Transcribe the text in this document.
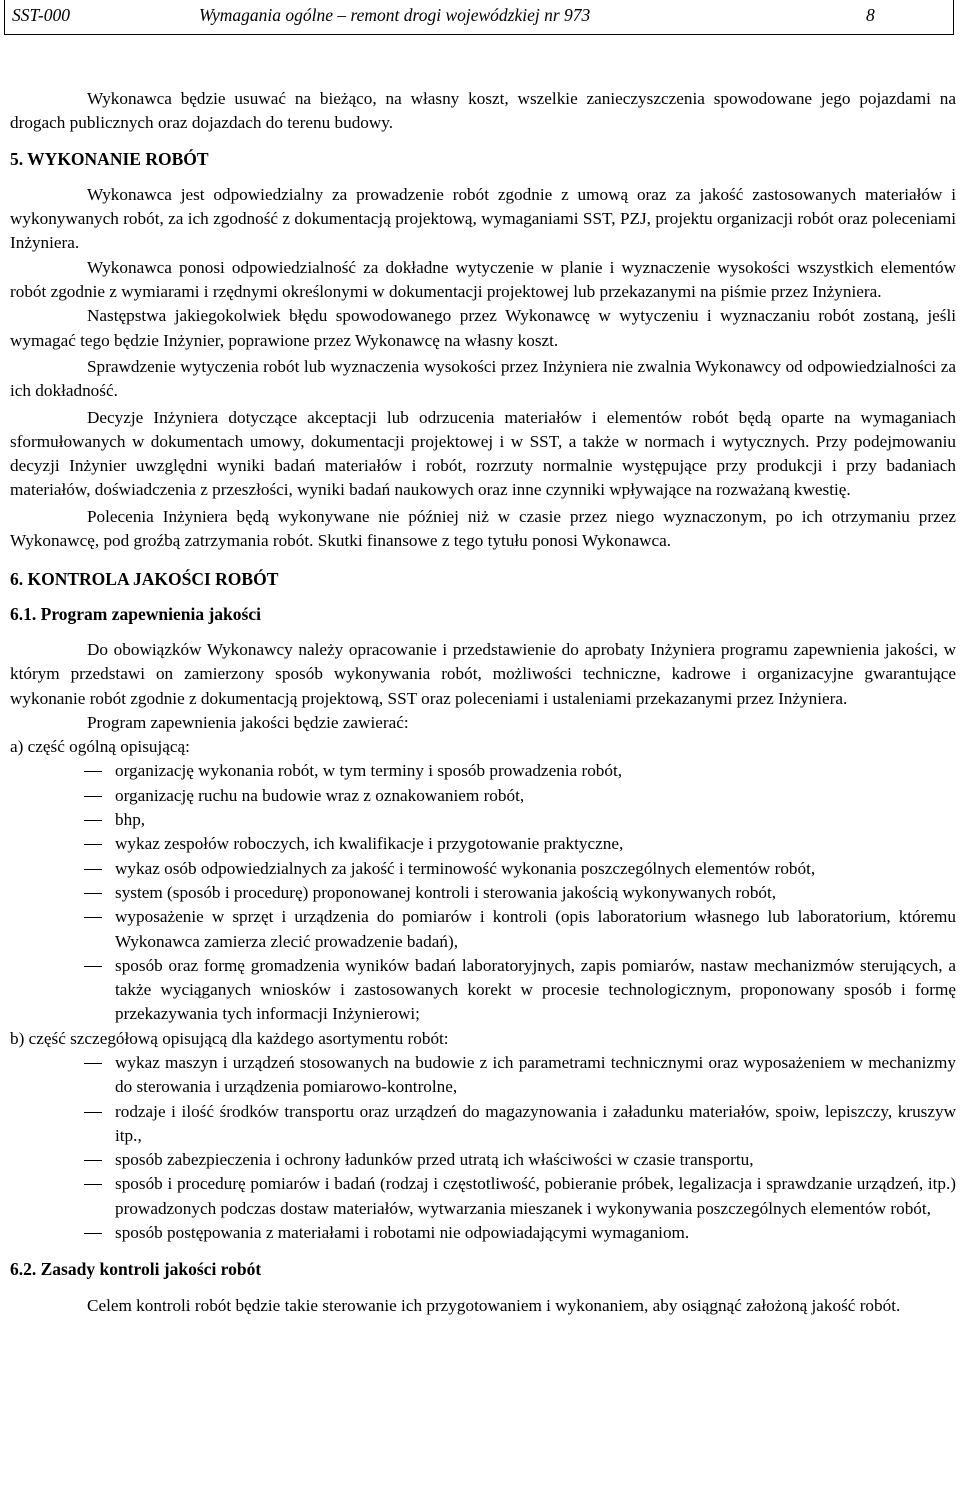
SST-000	Wymagania ogólne – remont drogi wojewódzkiej nr 973	8

Wykonawca będzie usuwać na bieżąco, na własny koszt, wszelkie zanieczyszczenia spowodowane jego pojazdami na drogach publicznych oraz dojazdach do terenu budowy.

5. WYKONANIE ROBÓT

Wykonawca jest odpowiedzialny za prowadzenie robót zgodnie z umową oraz za jakość zastosowanych materiałów i wykonywanych robót, za ich zgodność z dokumentacją projektową, wymaganiami SST, PZJ, projektu organizacji robót oraz poleceniami Inżyniera.

Wykonawca ponosi odpowiedzialność za dokładne wytyczenie w planie i wyznaczenie wysokości wszystkich elementów robót zgodnie z wymiarami i rzędnymi określonymi w dokumentacji projektowej lub przekazanymi na piśmie przez Inżyniera.

Następstwa jakiegokolwiek błędu spowodowanego przez Wykonawcę w wytyczeniu i wyznaczaniu robót zostaną, jeśli wymagać tego będzie Inżynier, poprawione przez Wykonawcę na własny koszt.

Sprawdzenie wytyczenia robót lub wyznaczenia wysokości przez Inżyniera nie zwalnia Wykonawcy od odpowiedzialności za ich dokładność.

Decyzje Inżyniera dotyczące akceptacji lub odrzucenia materiałów i elementów robót będą oparte na wymaganiach sformułowanych w dokumentach umowy, dokumentacji projektowej i w SST, a także w normach i wytycznych. Przy podejmowaniu decyzji Inżynier uwzględni wyniki badań materiałów i robót, rozrzuty normalnie występujące przy produkcji i przy badaniach materiałów, doświadczenia z przeszłości, wyniki badań naukowych oraz inne czynniki wpływające na rozważaną kwestię.

Polecenia Inżyniera będą wykonywane nie później niż w czasie przez niego wyznaczonym, po ich otrzymaniu przez Wykonawcę, pod groźbą zatrzymania robót. Skutki finansowe z tego tytułu ponosi Wykonawca.

6. KONTROLA JAKOŚCI ROBÓT
6.1. Program zapewnienia jakości

Do obowiązków Wykonawcy należy opracowanie i przedstawienie do aprobaty Inżyniera programu zapewnienia jakości, w którym przedstawi on zamierzony sposób wykonywania robót, możliwości techniczne, kadrowe i organizacyjne gwarantujące wykonanie robót zgodnie z dokumentacją projektową, SST oraz poleceniami i ustaleniami przekazanymi przez Inżyniera.

Program zapewnienia jakości będzie zawierać:

a) część ogólną opisującą:

organizację wykonania robót, w tym terminy i sposób prowadzenia robót,
organizację ruchu na budowie wraz z oznakowaniem robót,
bhp,
wykaz zespołów roboczych, ich kwalifikacje i przygotowanie praktyczne,
wykaz osób odpowiedzialnych za jakość i terminowość wykonania poszczególnych elementów robót,
system (sposób i procedurę) proponowanej kontroli i sterowania jakością wykonywanych robót,
wyposażenie w sprzęt i urządzenia do pomiarów i kontroli (opis laboratorium własnego lub laboratorium, któremu Wykonawca zamierza zlecić prowadzenie badań),
sposób oraz formę gromadzenia wyników badań laboratoryjnych, zapis pomiarów, nastaw mechanizmów sterujących, a także wyciąganych wniosków i zastosowanych korekt w procesie technologicznym, proponowany sposób i formę przekazywania tych informacji Inżynierowi;

b) część szczegółową opisującą dla każdego asortymentu robót:

wykaz maszyn i urządzeń stosowanych na budowie z ich parametrami technicznymi oraz wyposażeniem w mechanizmy do sterowania i urządzenia pomiarowo-kontrolne,
rodzaje i ilość środków transportu oraz urządzeń do magazynowania i załadunku materiałów, spoiw, lepiszczy, kruszyw itp.,
sposób zabezpieczenia i ochrony ładunków przed utratą ich właściwości w czasie transportu,
sposób i procedurę pomiarów i badań (rodzaj i częstotliwość, pobieranie próbek, legalizacja i sprawdzanie urządzeń, itp.) prowadzonych podczas dostaw materiałów, wytwarzania mieszanek i wykonywania poszczególnych elementów robót,
sposób postępowania z materiałami i robotami nie odpowiadającymi wymaganiom.
6.2. Zasady kontroli jakości robót

Celem kontroli robót będzie takie sterowanie ich przygotowaniem i wykonaniem, aby osiągnąć założoną jakość robót.
